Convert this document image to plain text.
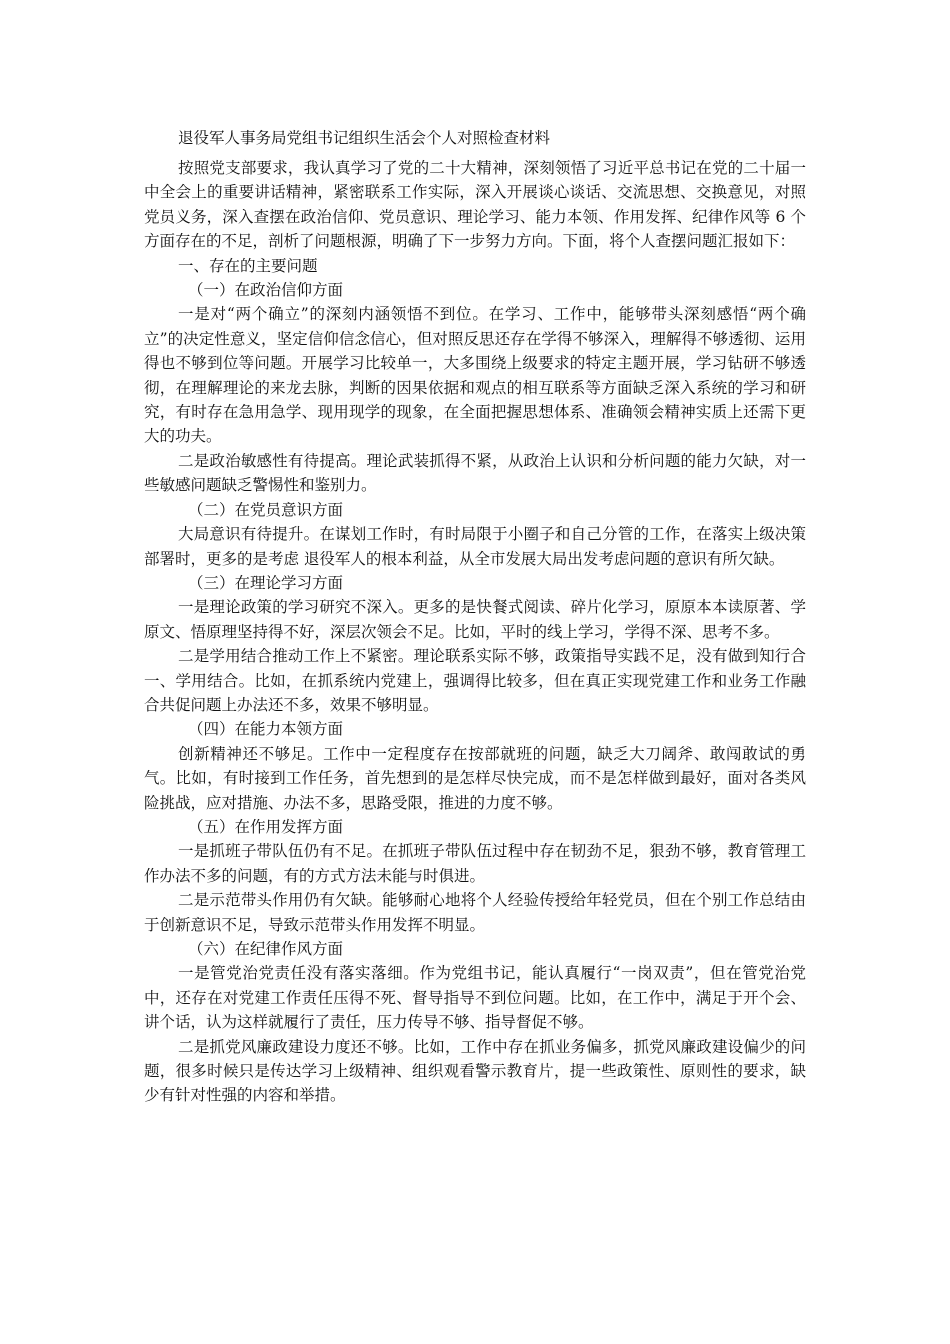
退役军人事务局党组书记组织生活会个人对照检查材料

按照党支部要求，我认真学习了党的二十大精神，深刻领悟了习近平总书记在党的二十届一中全会上的重要讲话精神，紧密联系工作实际，深入开展谈心谈话、交流思想、交换意见，对照党员义务，深入查摆在政治信仰、党员意识、理论学习、能力本领、作用发挥、纪律作风等 6 个方面存在的不足，剖析了问题根源，明确了下一步努力方向。下面，将个人查摆问题汇报如下：

一、存在的主要问题

（一）在政治信仰方面

一是对“两个确立”的深刻内涵领悟不到位。在学习、工作中，能够带头深刻感悟“两个确立”的决定性意义，坚定信仰信念信心，但对照反思还存在学得不够深入，理解得不够透彻、运用得也不够到位等问题。开展学习比较单一，大多围绕上级要求的特定主题开展，学习钻研不够透彻，在理解理论的来龙去脉，判断的因果依据和观点的相互联系等方面缺乏深入系统的学习和研究，有时存在急用急学、现用现学的现象，在全面把握思想体系、准确领会精神实质上还需下更大的功夫。

二是政治敏感性有待提高。理论武装抓得不紧，从政治上认识和分析问题的能力欠缺，对一些敏感问题缺乏警惕性和鉴别力。

（二）在党员意识方面

大局意识有待提升。在谋划工作时，有时局限于小圈子和自己分管的工作，在落实上级决策部署时，更多的是考虑 退役军人的根本利益，从全市发展大局出发考虑问题的意识有所欠缺。

（三）在理论学习方面

一是理论政策的学习研究不深入。更多的是快餐式阅读、碎片化学习，原原本本读原著、学原文、悟原理坚持得不好，深层次领会不足。比如，平时的线上学习，学得不深、思考不多。

二是学用结合推动工作上不紧密。理论联系实际不够，政策指导实践不足，没有做到知行合一、学用结合。比如，在抓系统内党建上，强调得比较多，但在真正实现党建工作和业务工作融合共促问题上办法还不多，效果不够明显。

（四）在能力本领方面

创新精神还不够足。工作中一定程度存在按部就班的问题，缺乏大刀阔斧、敢闯敢试的勇气。比如，有时接到工作任务，首先想到的是怎样尽快完成，而不是怎样做到最好，面对各类风险挑战，应对措施、办法不多，思路受限，推进的力度不够。

（五）在作用发挥方面

一是抓班子带队伍仍有不足。在抓班子带队伍过程中存在韧劲不足，狠劲不够，教育管理工作办法不多的问题，有的方式方法未能与时俱进。

二是示范带头作用仍有欠缺。能够耐心地将个人经验传授给年轻党员，但在个别工作总结由于创新意识不足，导致示范带头作用发挥不明显。

（六）在纪律作风方面

一是管党治党责任没有落实落细。作为党组书记，能认真履行“一岗双责”，但在管党治党中，还存在对党建工作责任压得不死、督导指导不到位问题。比如，在工作中，满足于开个会、讲个话，认为这样就履行了责任，压力传导不够、指导督促不够。

二是抓党风廉政建设力度还不够。比如，工作中存在抓业务偏多，抓党风廉政建设偏少的问题，很多时候只是传达学习上级精神、组织观看警示教育片，提一些政策性、原则性的要求，缺少有针对性强的内容和举措。
